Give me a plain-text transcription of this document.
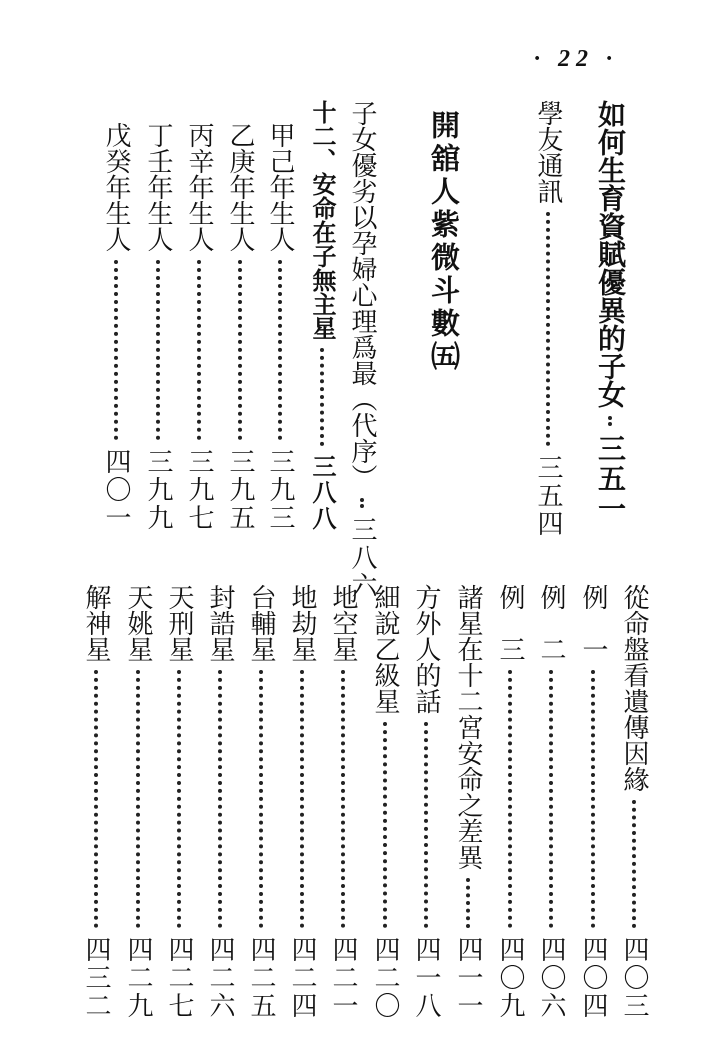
· 22 ·
如何生育資賦優異的子女
三五一
學友通訊
三五四
開舘人紫微斗數㈤
子女優劣以孕婦心理爲最（代序）
三八六
十二、安命在子無主星
三八八
甲己年生人
三九三
乙庚年生人
三九五
丙辛年生人
三九七
丁壬年生人
三九九
戊癸年生人
四〇一
從命盤看遺傳因緣
四〇三
例　一
四〇四
例　二
四〇六
例　三
四〇九
諸星在十二宮安命之差異
四一一
方外人的話
四一八
細說乙級星
四二〇
地空星
四二一
地劫星
四二四
台輔星
四二五
封誥星
四二六
天刑星
四二七
天姚星
四二九
解神星
四三二
